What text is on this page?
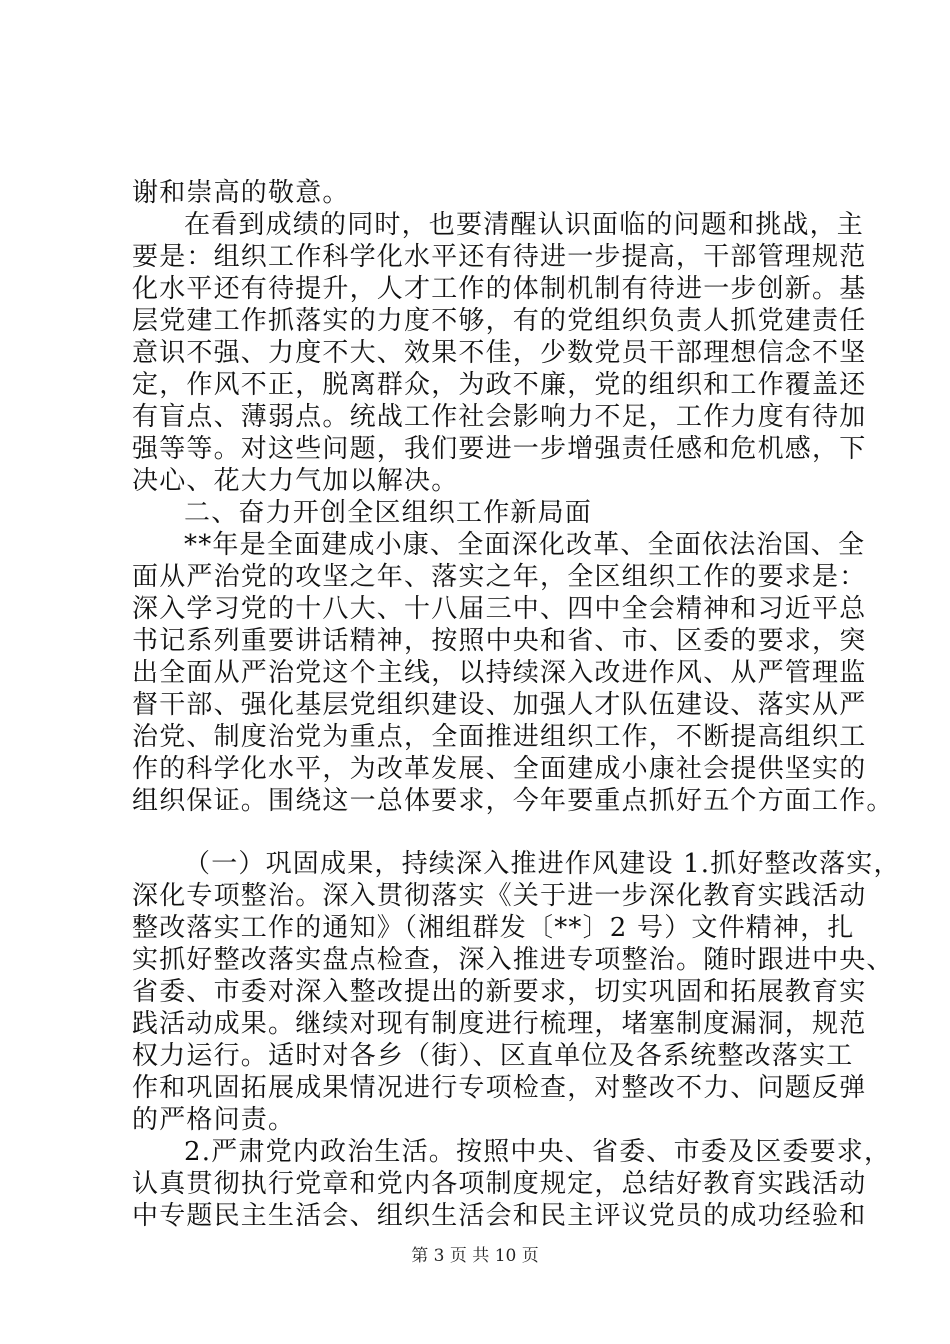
谢和崇高的敬意。
在看到成绩的同时，也要清醒认识面临的问题和挑战，主
要是：组织工作科学化水平还有待进一步提高，干部管理规范
化水平还有待提升，人才工作的体制机制有待进一步创新。基
层党建工作抓落实的力度不够，有的党组织负责人抓党建责任
意识不强、力度不大、效果不佳，少数党员干部理想信念不坚
定，作风不正，脱离群众，为政不廉，党的组织和工作覆盖还
有盲点、薄弱点。统战工作社会影响力不足，工作力度有待加
强等等。对这些问题，我们要进一步增强责任感和危机感，下
决心、花大力气加以解决。
二、奋力开创全区组织工作新局面
**年是全面建成小康、全面深化改革、全面依法治国、全
面从严治党的攻坚之年、落实之年，全区组织工作的要求是：
深入学习党的十八大、十八届三中、四中全会精神和习近平总
书记系列重要讲话精神，按照中央和省、市、区委的要求，突
出全面从严治党这个主线，以持续深入改进作风、从严管理监
督干部、强化基层党组织建设、加强人才队伍建设、落实从严
治党、制度治党为重点，全面推进组织工作，不断提高组织工
作的科学化水平，为改革发展、全面建成小康社会提供坚实的
组织保证。围绕这一总体要求，今年要重点抓好五个方面工作。
（一）巩固成果，持续深入推进作风建设 1.抓好整改落实，
深化专项整治。深入贯彻落实《关于进一步深化教育实践活动
整改落实工作的通知》（湘组群发〔**〕2 号）文件精神，扎
实抓好整改落实盘点检查，深入推进专项整治。随时跟进中央、
省委、市委对深入整改提出的新要求，切实巩固和拓展教育实
践活动成果。继续对现有制度进行梳理，堵塞制度漏洞，规范
权力运行。适时对各乡（街）、区直单位及各系统整改落实工
作和巩固拓展成果情况进行专项检查，对整改不力、问题反弹
的严格问责。
2.严肃党内政治生活。按照中央、省委、市委及区委要求，
认真贯彻执行党章和党内各项制度规定，总结好教育实践活动
中专题民主生活会、组织生活会和民主评议党员的成功经验和
第 3 页 共 10 页
